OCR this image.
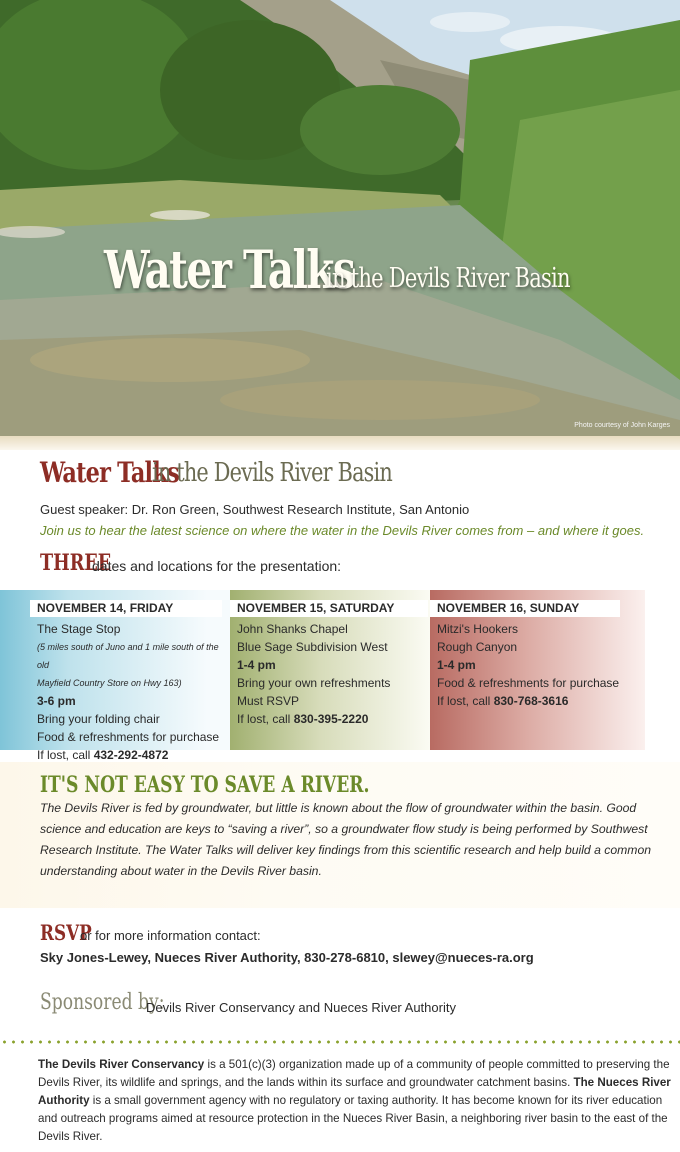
Water Talks
in the Devils River Basin
Photo courtesy of John Karges
Water Talks
in the Devils River Basin
Guest speaker: Dr. Ron Green, Southwest Research Institute, San Antonio
Join us to hear the latest science on where the water in the Devils River comes from – and where it goes.
THREE
dates and locations for the presentation:
NOVEMBER 14, FRIDAY
The Stage Stop
(5 miles south of Juno and 1 mile south of the old
Mayfield Country Store on Hwy 163)
3-6 pm
Bring your folding chair
Food & refreshments for purchase
If lost, call 432-292-4872
NOVEMBER 15, SATURDAY
John Shanks Chapel
Blue Sage Subdivision West
1-4 pm
Bring your own refreshments
Must RSVP
If lost, call 830-395-2220
NOVEMBER 16, SUNDAY
Mitzi's Hookers
Rough Canyon
1-4 pm
Food & refreshments for purchase
If lost, call 830-768-3616
IT'S NOT EASY TO SAVE A RIVER.
The Devils River is fed by groundwater, but little is known about the flow of groundwater within the basin. Good science and education are keys to “saving a river”, so a groundwater flow study is being performed by Southwest Research Institute. The Water Talks will deliver key findings from this scientific research and help build a common understanding about water in the Devils River basin.
RSVP
or for more information contact:
Sky Jones-Lewey, Nueces River Authority, 830-278-6810, slewey@nueces-ra.org
Sponsored by:
Devils River Conservancy and Nueces River Authority
The Devils River Conservancy is a 501(c)(3) organization made up of a community of people committed to preserving the Devils River, its wildlife and springs, and the lands within its surface and groundwater catchment basins. The Nueces River Authority is a small government agency with no regulatory or taxing authority. It has become known for its river education and outreach programs aimed at resource protection in the Nueces River Basin, a neighboring river basin to the east of the Devils River.
